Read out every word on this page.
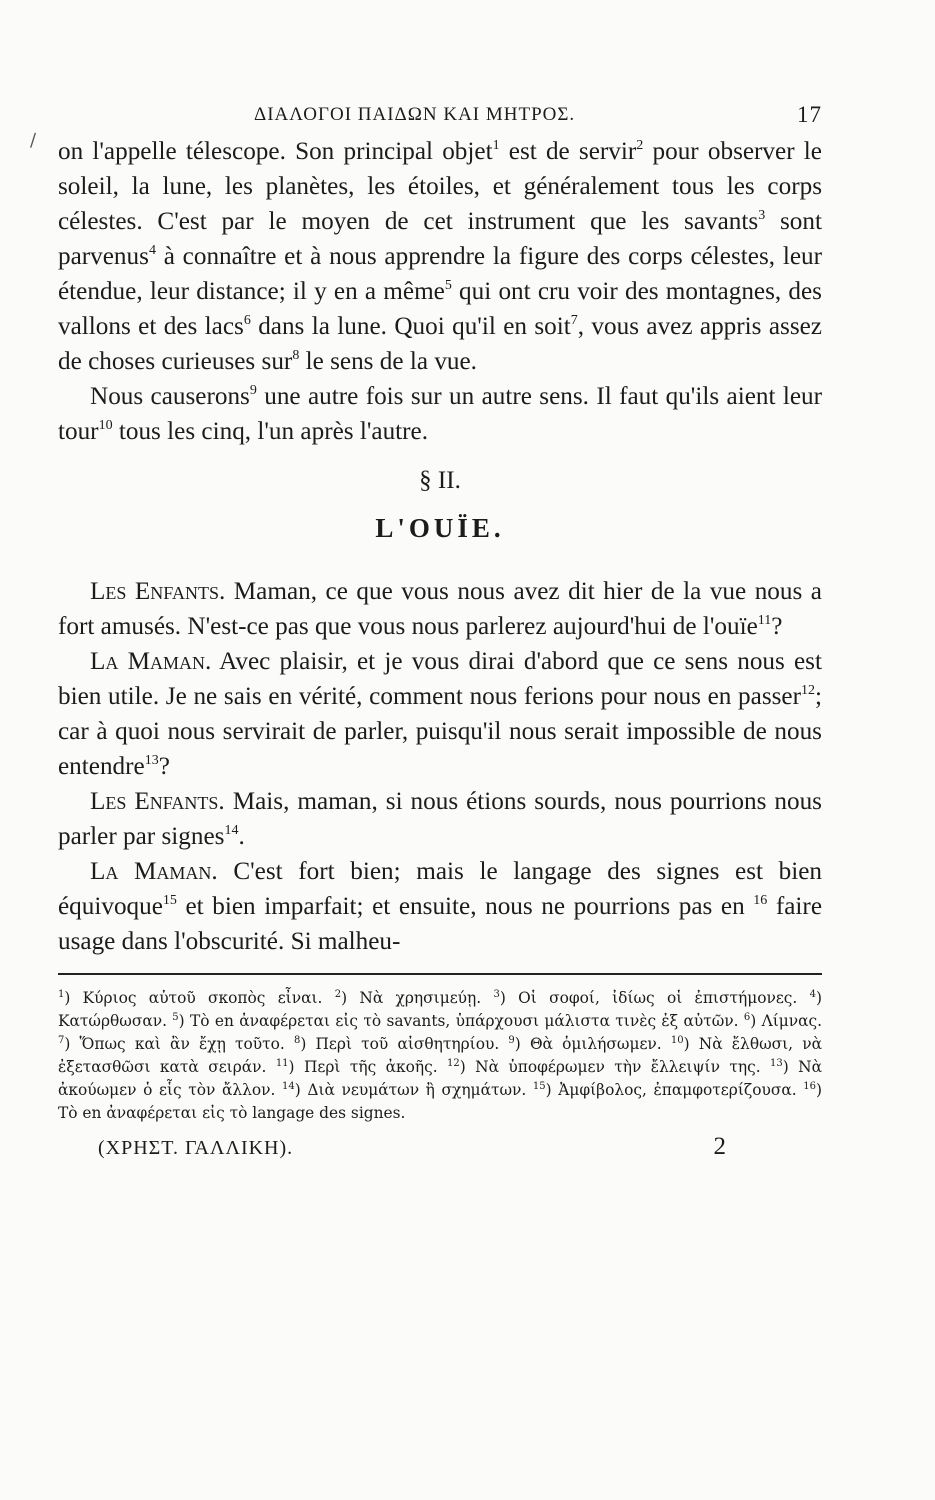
∕
ΔΙΑΛΟΓΟΙ ΠΑΙΔΩΝ ΚΑΙ ΜΗΤΡΟΣ.	17

on l'appelle télescope. Son principal objet$^1$ est de servir$^2$ pour observer le soleil, la lune, les planètes, les étoiles, et généralement tous les corps célestes. C'est par le moyen de cet instrument que les savants$^3$ sont parvenus$^4$ à connaître et à nous apprendre la figure des corps célestes, leur étendue, leur distance; il y en a même$^5$ qui ont cru voir des montagnes, des vallons et des lacs$^6$ dans la lune. Quoi qu'il en soit$^7$, vous avez appris assez de choses curieuses sur$^8$ le sens de la vue.

Nous causerons$^9$ une autre fois sur un autre sens. Il faut qu'ils aient leur tour$^{10}$ tous les cinq, l'un après l'autre.

§ II.
L'OUÏE.

Les Enfants. Maman, ce que vous nous avez dit hier de la vue nous a fort amusés. N'est-ce pas que vous nous parlerez aujourd'hui de l'ouïe$^{11}$?

La Maman. Avec plaisir, et je vous dirai d'abord que ce sens nous est bien utile. Je ne sais en vérité, comment nous ferions pour nous en passer$^{12}$; car à quoi nous servirait de parler, puisqu'il nous serait impossible de nous entendre$^{13}$?

Les Enfants. Mais, maman, si nous étions sourds, nous pourrions nous parler par signes$^{14}$.

La Maman. C'est fort bien; mais le langage des signes est bien équivoque$^{15}$ et bien imparfait; et ensuite, nous ne pourrions pas en $^{16}$ faire usage dans l'obscurité. Si malheu-

$^1$) Κύριος αὐτοῦ σκοπὸς εἶναι. $^2$) Νὰ χρησιμεύῃ. $^3$) Οἱ σοφοί, ἰδίως οἱ ἐπιστήμονες. $^4$) Κατώρθωσαν. $^5$) Τὸ en ἀναφέρεται εἰς τὸ savants, ὑπάρχουσι μάλιστα τινὲς ἐξ αὐτῶν. $^6$) Λίμνας. $^7$) Ὅπως καὶ ἂν ἔχῃ τοῦτο. $^8$) Περὶ τοῦ αἰσθητηρίου. $^9$) Θὰ ὁμιλήσωμεν. $^{10}$) Νὰ ἔλθωσι, νὰ ἐξετασθῶσι κατὰ σειράν. $^{11}$) Περὶ τῆς ἀκοῆς. $^{12}$) Νὰ ὑποφέρωμεν τὴν ἔλλειψίν της. $^{13}$) Νὰ ἀκούωμεν ὁ εἷς τὸν ἄλλον. $^{14}$) Διὰ νευμάτων ἢ σχημάτων. $^{15}$) Ἀμφίβολος, ἐπαμφοτερίζουσα. $^{16}$) Τὸ en ἀναφέρεται εἰς τὸ langage des signes.

(ΧΡΗΣΤ. ΓΑΛΛΙΚΗ).	2
